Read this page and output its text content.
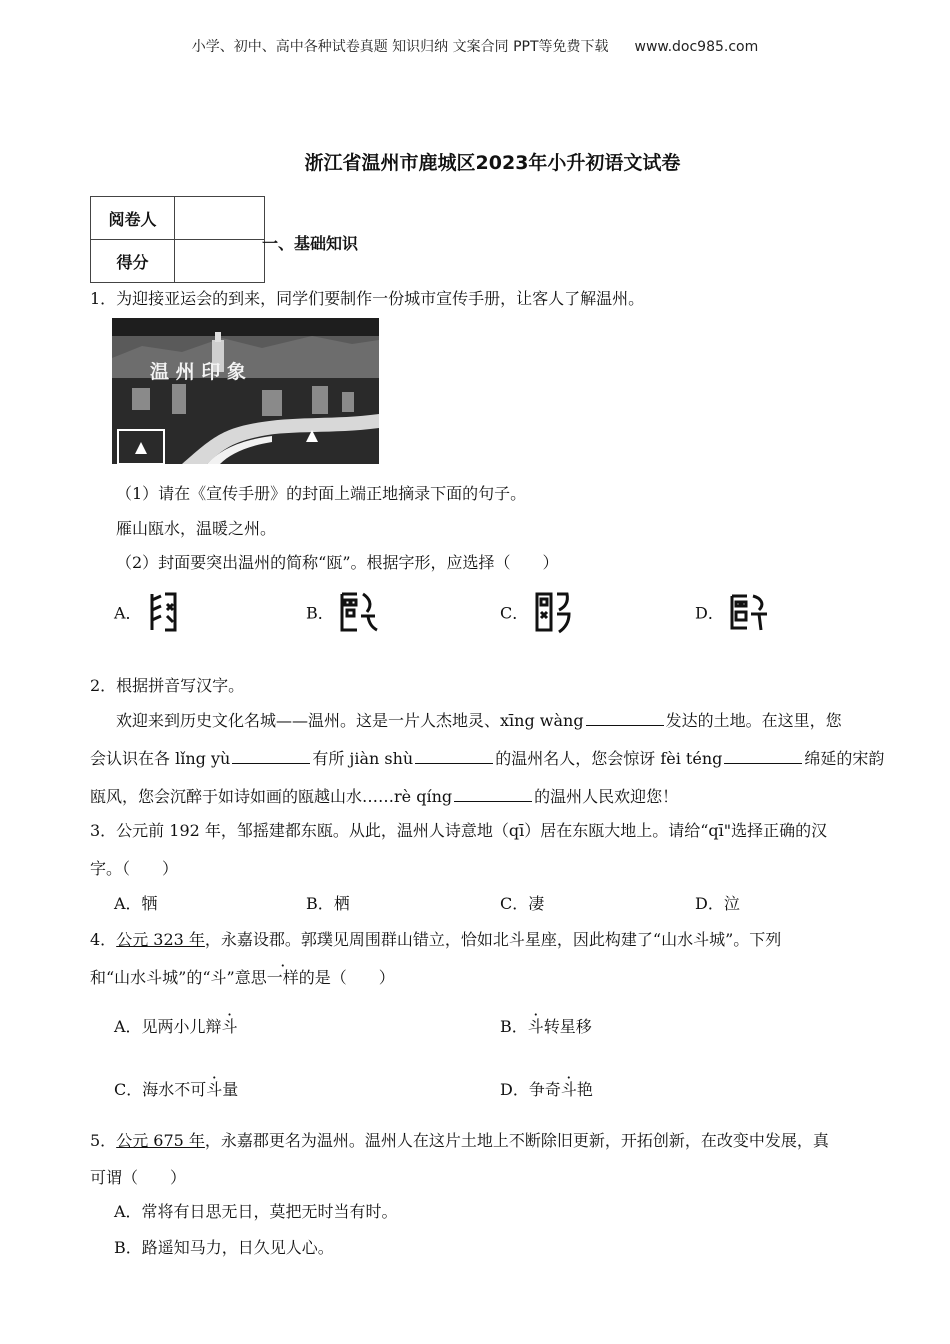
小学、初中、高中各种试卷真题 知识归纳 文案合同 PPT等免费下载 www.doc985.com
浙江省温州市鹿城区2023年小升初语文试卷
阅卷人	
得分	
一、基础知识
1．为迎接亚运会的到来，同学们要制作一份城市宣传手册，让客人了解温州。
温 州 印 象
（1）请在《宣传手册》的封面上端正地摘录下面的句子。
雁山瓯水，温暖之州。
（2）封面要突出温州的简称“瓯”。根据字形，应选择（　　）
A．	B．	C．	D．
2．根据拼音写汉字。
欢迎来到历史文化名城——温州。这是一片人杰地灵、xīng wàng	发达的土地。在这里，您
会认识在各 lǐng yù	有所 jiàn shù	的温州名人，您会惊讶 fèi téng	绵延的宋韵
瓯风，您会沉醉于如诗如画的瓯越山水……rè qíng	的温州人民欢迎您！
3．公元前 192 年，邹摇建都东瓯。从此，温州人诗意地（qī）居在东瓯大地上。请给“qī"选择正确的汉
字。（　　）
A．牺	B．栖	C．凄	D．泣
4．公元 323 年，永嘉设郡。郭璞见周围群山错立，恰如北斗星座，因此构建了“山水斗城”。下列
和“山水斗城”的“斗”意思一样的是（　　）
A．见两小儿辩斗	B．斗转星移
C．海水不可斗量	D．争奇斗艳
5．公元 675 年，永嘉郡更名为温州。温州人在这片土地上不断除旧更新，开拓创新，在改变中发展，真
可谓（　　）
A．常将有日思无日，莫把无时当有时。
B．路遥知马力，日久见人心。
